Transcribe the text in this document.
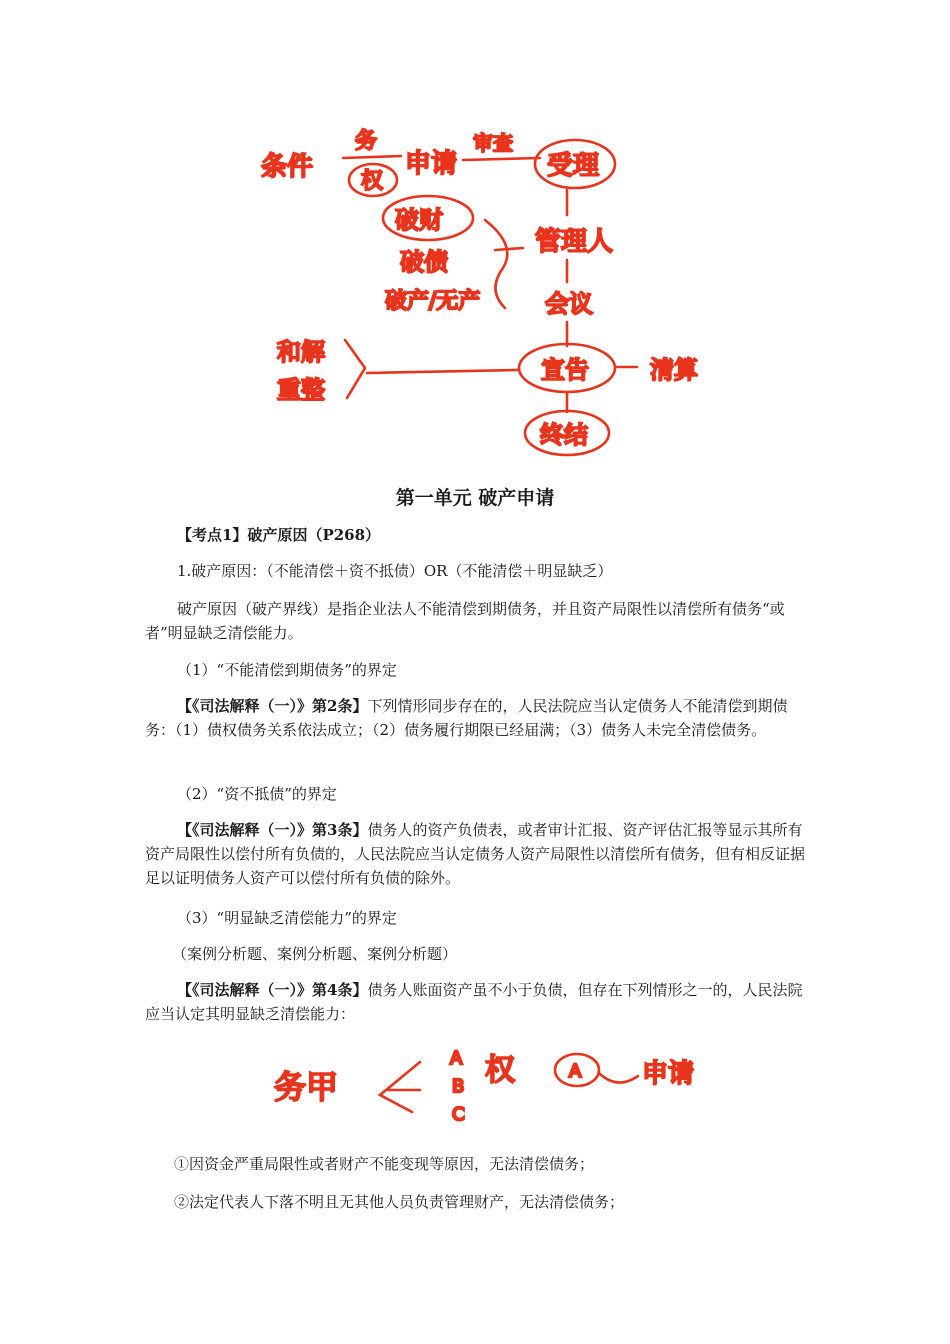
条件
务
权
申请
审查
受理
破财
破债
破产/无产
管理人
会议
和解
重整
宣告	清算
终结
第一单元 破产申请

【考点1】破产原因（P268）

1.破产原因：（不能清偿＋资不抵债）OR（不能清偿＋明显缺乏）

破产原因（破产界线）是指企业法人不能清偿到期债务，并且资产局限性以清偿所有债务“或者”明显缺乏清偿能力。

（1）“不能清偿到期债务”的界定

【《司法解释（一）》第2条】下列情形同步存在的，人民法院应当认定债务人不能清偿到期债务：（1）债权债务关系依法成立；（2）债务履行期限已经届满；（3）债务人未完全清偿债务。

（2）“资不抵债”的界定

【《司法解释（一）》第3条】债务人的资产负债表，或者审计汇报、资产评估汇报等显示其所有资产局限性以偿付所有负债的，人民法院应当认定债务人资产局限性以清偿所有债务，但有相反证据足以证明债务人资产可以偿付所有负债的除外。

（3）“明显缺乏清偿能力”的界定

（案例分析题、案例分析题、案例分析题）

【《司法解释（一）》第4条】债务人账面资产虽不小于负债，但存在下列情形之一的，人民法院应当认定其明显缺乏清偿能力：

务甲
A
B
C
权	A 申请

①因资金严重局限性或者财产不能变现等原因，无法清偿债务；

②法定代表人下落不明且无其他人员负责管理财产，无法清偿债务；
